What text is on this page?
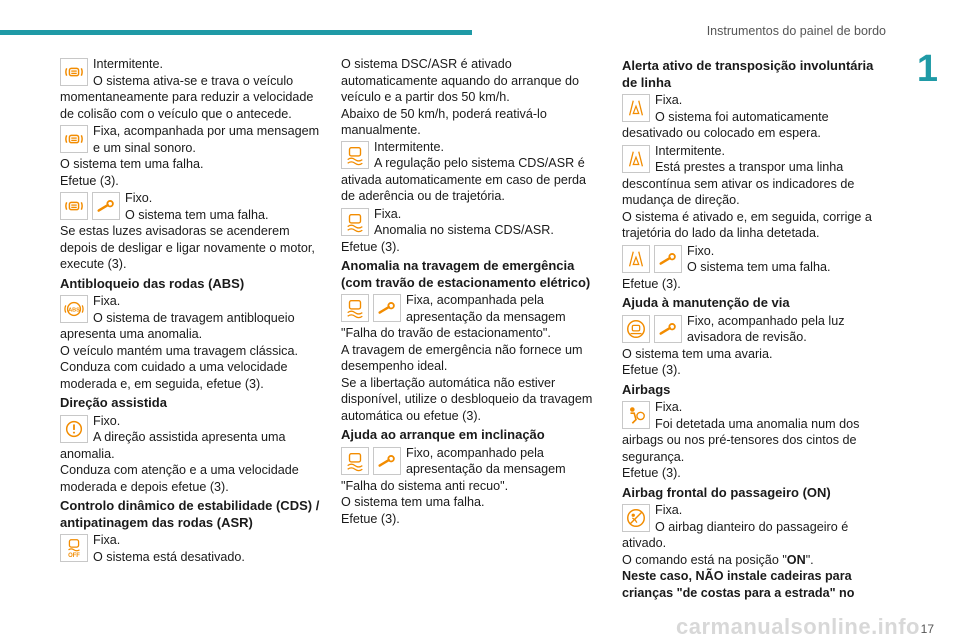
Instrumentos do painel de bordo
1
17
Intermitente.
O sistema ativa-se e trava o veículo momentaneamente para reduzir a velocidade de colisão com o veículo que o antecede.
Fixa, acompanhada por uma mensagem e um sinal sonoro.
O sistema tem uma falha.
Efetue (3).
Fixo.
O sistema tem uma falha.
Se estas luzes avisadoras se acenderem depois de desligar e ligar novamente o motor, execute (3).
Antibloqueio das rodas (ABS)
Fixa.
O sistema de travagem antibloqueio apresenta uma anomalia.
O veículo mantém uma travagem clássica.
Conduza com cuidado a uma velocidade moderada e, em seguida, efetue (3).
Direção assistida
Fixo.
A direção assistida apresenta uma anomalia.
Conduza com atenção e a uma velocidade moderada e depois efetue (3).
Controlo dinâmico de estabilidade (CDS) / antipatinagem das rodas (ASR)
Fixa.
O sistema está desativado.
O sistema DSC/ASR é ativado automaticamente aquando do arranque do veículo e a partir dos 50 km/h.
Abaixo de 50 km/h, poderá reativá-lo manualmente.
Intermitente.
A regulação pelo sistema CDS/ASR é ativada automaticamente em caso de perda de aderência ou de trajetória.
Fixa.
Anomalia no sistema CDS/ASR.
Efetue (3).
Anomalia na travagem de emergência (com travão de estacionamento elétrico)
Fixa, acompanhada pela apresentação da mensagem "Falha do travão de estacionamento".
A travagem de emergência não fornece um desempenho ideal.
Se a libertação automática não estiver disponível, utilize o desbloqueio da travagem automática ou efetue (3).
Ajuda ao arranque em inclinação
Fixo, acompanhado pela apresentação da mensagem "Falha do sistema anti recuo".
O sistema tem uma falha.
Efetue (3).
Alerta ativo de transposição involuntária de linha
Fixa.
O sistema foi automaticamente desativado ou colocado em espera.
Intermitente.
Está prestes a transpor uma linha descontínua sem ativar os indicadores de mudança de direção.
O sistema é ativado e, em seguida, corrige a trajetória do lado da linha detetada.
Fixo.
O sistema tem uma falha.
Efetue (3).
Ajuda à manutenção de via
Fixo, acompanhado pela luz avisadora de revisão.
O sistema tem uma avaria.
Efetue (3).
Airbags
Fixa.
Foi detetada uma anomalia num dos airbags ou nos pré-tensores dos cintos de segurança.
Efetue (3).
Airbag frontal do passageiro (ON)
Fixa.
O airbag dianteiro do passageiro é ativado.
O comando está na posição "ON".
Neste caso, NÃO instale cadeiras para crianças "de costas para a estrada" no
carmanualsonline.info
